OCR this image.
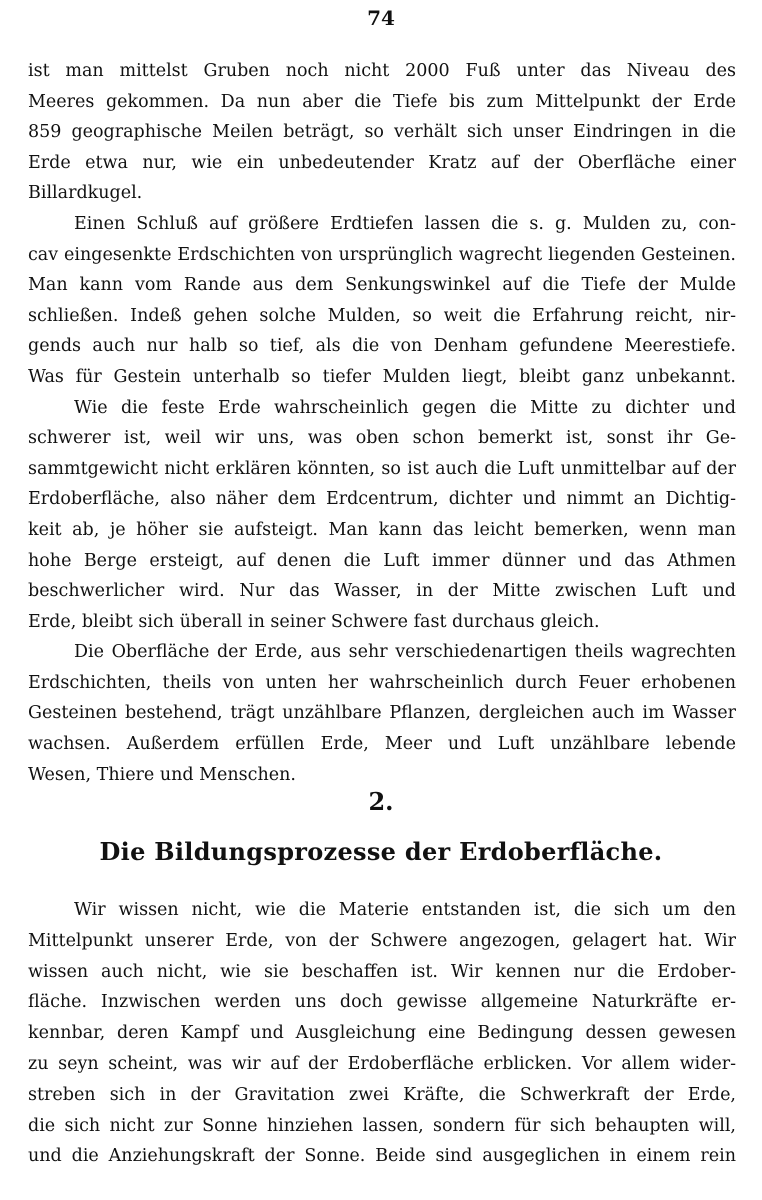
74
ist man mittelst Gruben noch nicht 2000 Fuß unter das Niveau des
Meeres gekommen. Da nun aber die Tiefe bis zum Mittelpunkt der Erde
859 geographische Meilen beträgt, so verhält sich unser Eindringen in die
Erde etwa nur, wie ein unbedeutender Kratz auf der Oberfläche einer
Billardkugel.
Einen Schluß auf größere Erdtiefen lassen die s. g. Mulden zu, con-
cav eingesenkte Erdschichten von ursprünglich wagrecht liegenden Gesteinen.
Man kann vom Rande aus dem Senkungswinkel auf die Tiefe der Mulde
schließen. Indeß gehen solche Mulden, so weit die Erfahrung reicht, nir-
gends auch nur halb so tief, als die von Denham gefundene Meerestiefe.
Was für Gestein unterhalb so tiefer Mulden liegt, bleibt ganz unbekannt.
Wie die feste Erde wahrscheinlich gegen die Mitte zu dichter und
schwerer ist, weil wir uns, was oben schon bemerkt ist, sonst ihr Ge-
sammtgewicht nicht erklären könnten, so ist auch die Luft unmittelbar auf der
Erdoberfläche, also näher dem Erdcentrum, dichter und nimmt an Dichtig-
keit ab, je höher sie aufsteigt. Man kann das leicht bemerken, wenn man
hohe Berge ersteigt, auf denen die Luft immer dünner und das Athmen
beschwerlicher wird. Nur das Wasser, in der Mitte zwischen Luft und
Erde, bleibt sich überall in seiner Schwere fast durchaus gleich.
Die Oberfläche der Erde, aus sehr verschiedenartigen theils wagrechten
Erdschichten, theils von unten her wahrscheinlich durch Feuer erhobenen
Gesteinen bestehend, trägt unzählbare Pflanzen, dergleichen auch im Wasser
wachsen. Außerdem erfüllen Erde, Meer und Luft unzählbare lebende
Wesen, Thiere und Menschen.
2.
Die Bildungsprozesse der Erdoberfläche.
Wir wissen nicht, wie die Materie entstanden ist, die sich um den
Mittelpunkt unserer Erde, von der Schwere angezogen, gelagert hat. Wir
wissen auch nicht, wie sie beschaffen ist. Wir kennen nur die Erdober-
fläche. Inzwischen werden uns doch gewisse allgemeine Naturkräfte er-
kennbar, deren Kampf und Ausgleichung eine Bedingung dessen gewesen
zu seyn scheint, was wir auf der Erdoberfläche erblicken. Vor allem wider-
streben sich in der Gravitation zwei Kräfte, die Schwerkraft der Erde,
die sich nicht zur Sonne hinziehen lassen, sondern für sich behaupten will,
und die Anziehungskraft der Sonne. Beide sind ausgeglichen in einem rein
